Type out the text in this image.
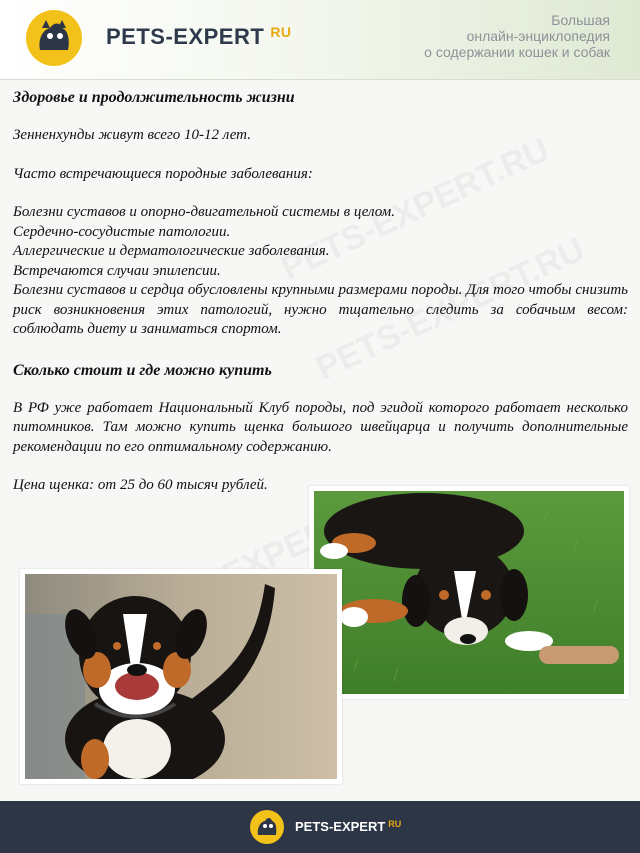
PETS-EXPERT $^{RU}$
Большая
онлайн-энциклопедия
о содержании кошек и собак
Здоровье и продолжительность жизни
Зенненхунды живут всего 10-12 лет.
Часто встречающиеся породные заболевания:
Болезни суставов и опорно-двигательной системы в целом.
Сердечно-сосудистые патологии.
Аллергические и дерматологические заболевания.
Встречаются случаи эпилепсии.
Болезни суставов и сердца обусловлены крупными размерами породы. Для того чтобы снизить риск возникновения этих патологий, нужно тщательно следить за собачьим весом: соблюдать диету и заниматься спортом.
Сколько стоит и где можно купить
В РФ уже работает Национальный Клуб породы, под эгидой которого работает несколько питомников. Там можно купить щенка большого швейцарца и получить дополнительные рекомендации по его оптимальному содержанию.
Цена щенка: от 25 до 60 тысяч рублей.
PETS-EXPERT $^{RU}$
